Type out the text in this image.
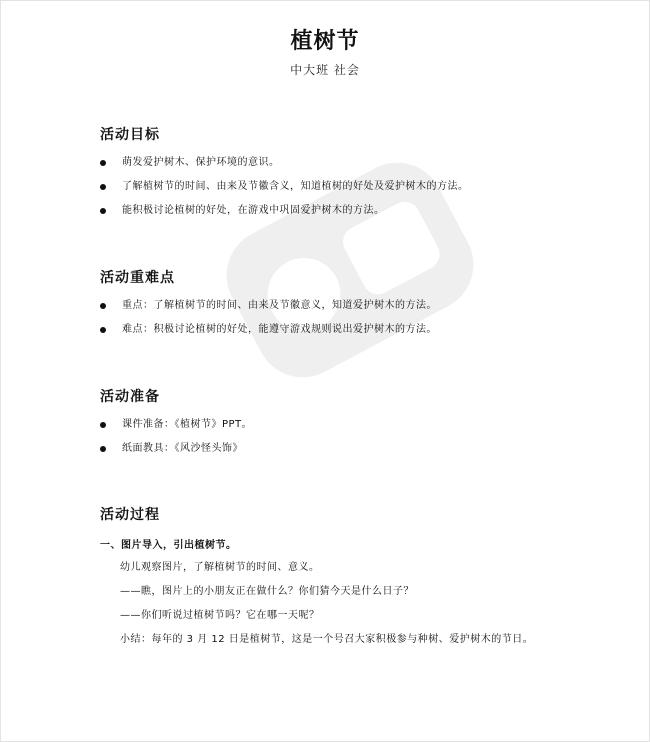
植树节
中大班 社会
活动目标
萌发爱护树木、保护环境的意识。
了解植树节的时间、由来及节徽含义，知道植树的好处及爱护树木的方法。
能积极讨论植树的好处，在游戏中巩固爱护树木的方法。
活动重难点
重点：了解植树节的时间、由来及节徽意义，知道爱护树木的方法。
难点：积极讨论植树的好处，能遵守游戏规则说出爱护树木的方法。
活动准备
课件准备：《植树节》PPT。
纸面教具：《风沙怪头饰》
活动过程
一、图片导入，引出植树节。
幼儿观察图片，了解植树节的时间、意义。
——瞧，图片上的小朋友正在做什么？你们猜今天是什么日子？
——你们听说过植树节吗？它在哪一天呢？
小结：每年的 3 月 12 日是植树节，这是一个号召大家积极参与种树、爱护树木的节日。
